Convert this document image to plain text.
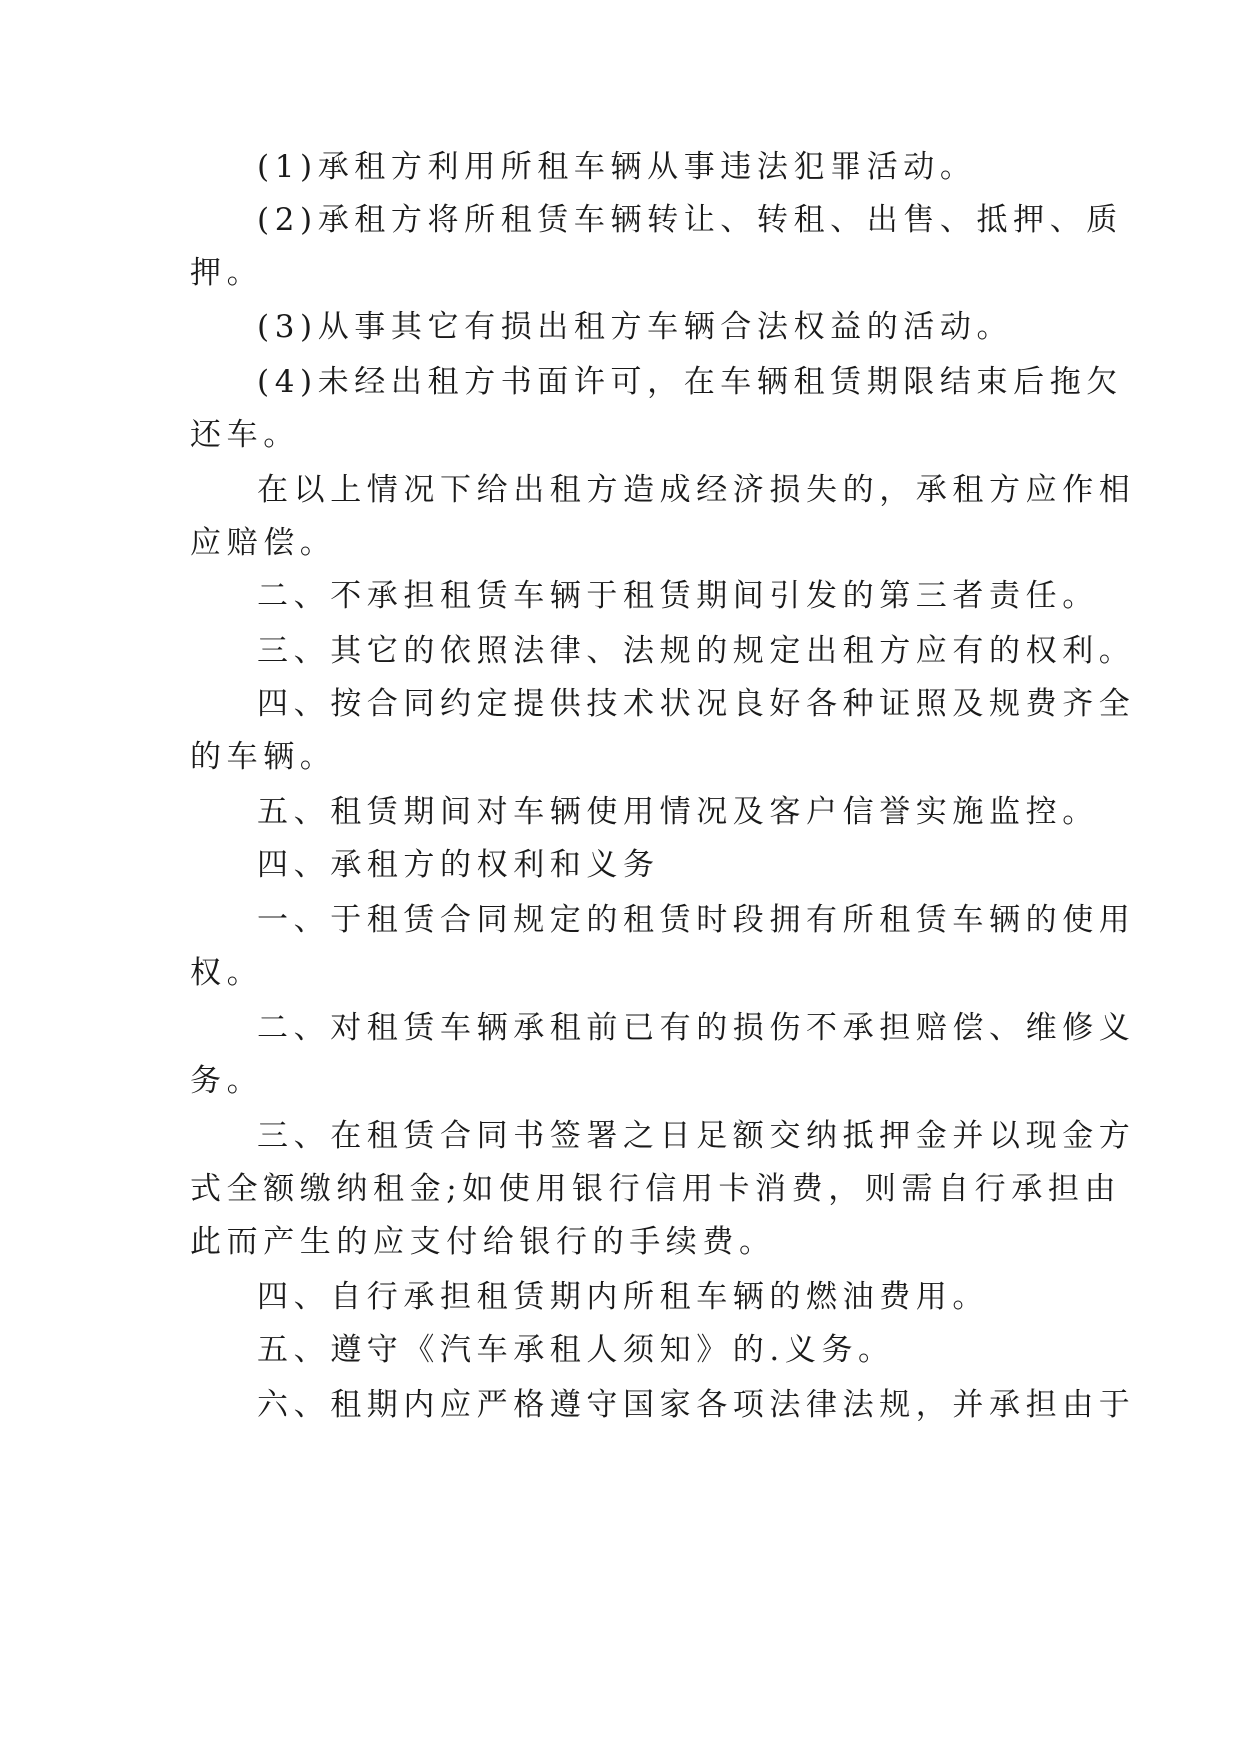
(1)承租方利用所租车辆从事违法犯罪活动。
(2)承租方将所租赁车辆转让、转租、出售、抵押、质
押。
(3)从事其它有损出租方车辆合法权益的活动。
(4)未经出租方书面许可，在车辆租赁期限结束后拖欠
还车。
在以上情况下给出租方造成经济损失的，承租方应作相
应赔偿。
二、不承担租赁车辆于租赁期间引发的第三者责任。
三、其它的依照法律、法规的规定出租方应有的权利。
四、按合同约定提供技术状况良好各种证照及规费齐全
的车辆。
五、租赁期间对车辆使用情况及客户信誉实施监控。
四、承租方的权利和义务
一、于租赁合同规定的租赁时段拥有所租赁车辆的使用
权。
二、对租赁车辆承租前已有的损伤不承担赔偿、维修义
务。
三、在租赁合同书签署之日足额交纳抵押金并以现金方
式全额缴纳租金;如使用银行信用卡消费，则需自行承担由
此而产生的应支付给银行的手续费。
四、自行承担租赁期内所租车辆的燃油费用。
五、遵守《汽车承租人须知》的.义务。
六、租期内应严格遵守国家各项法律法规，并承担由于
